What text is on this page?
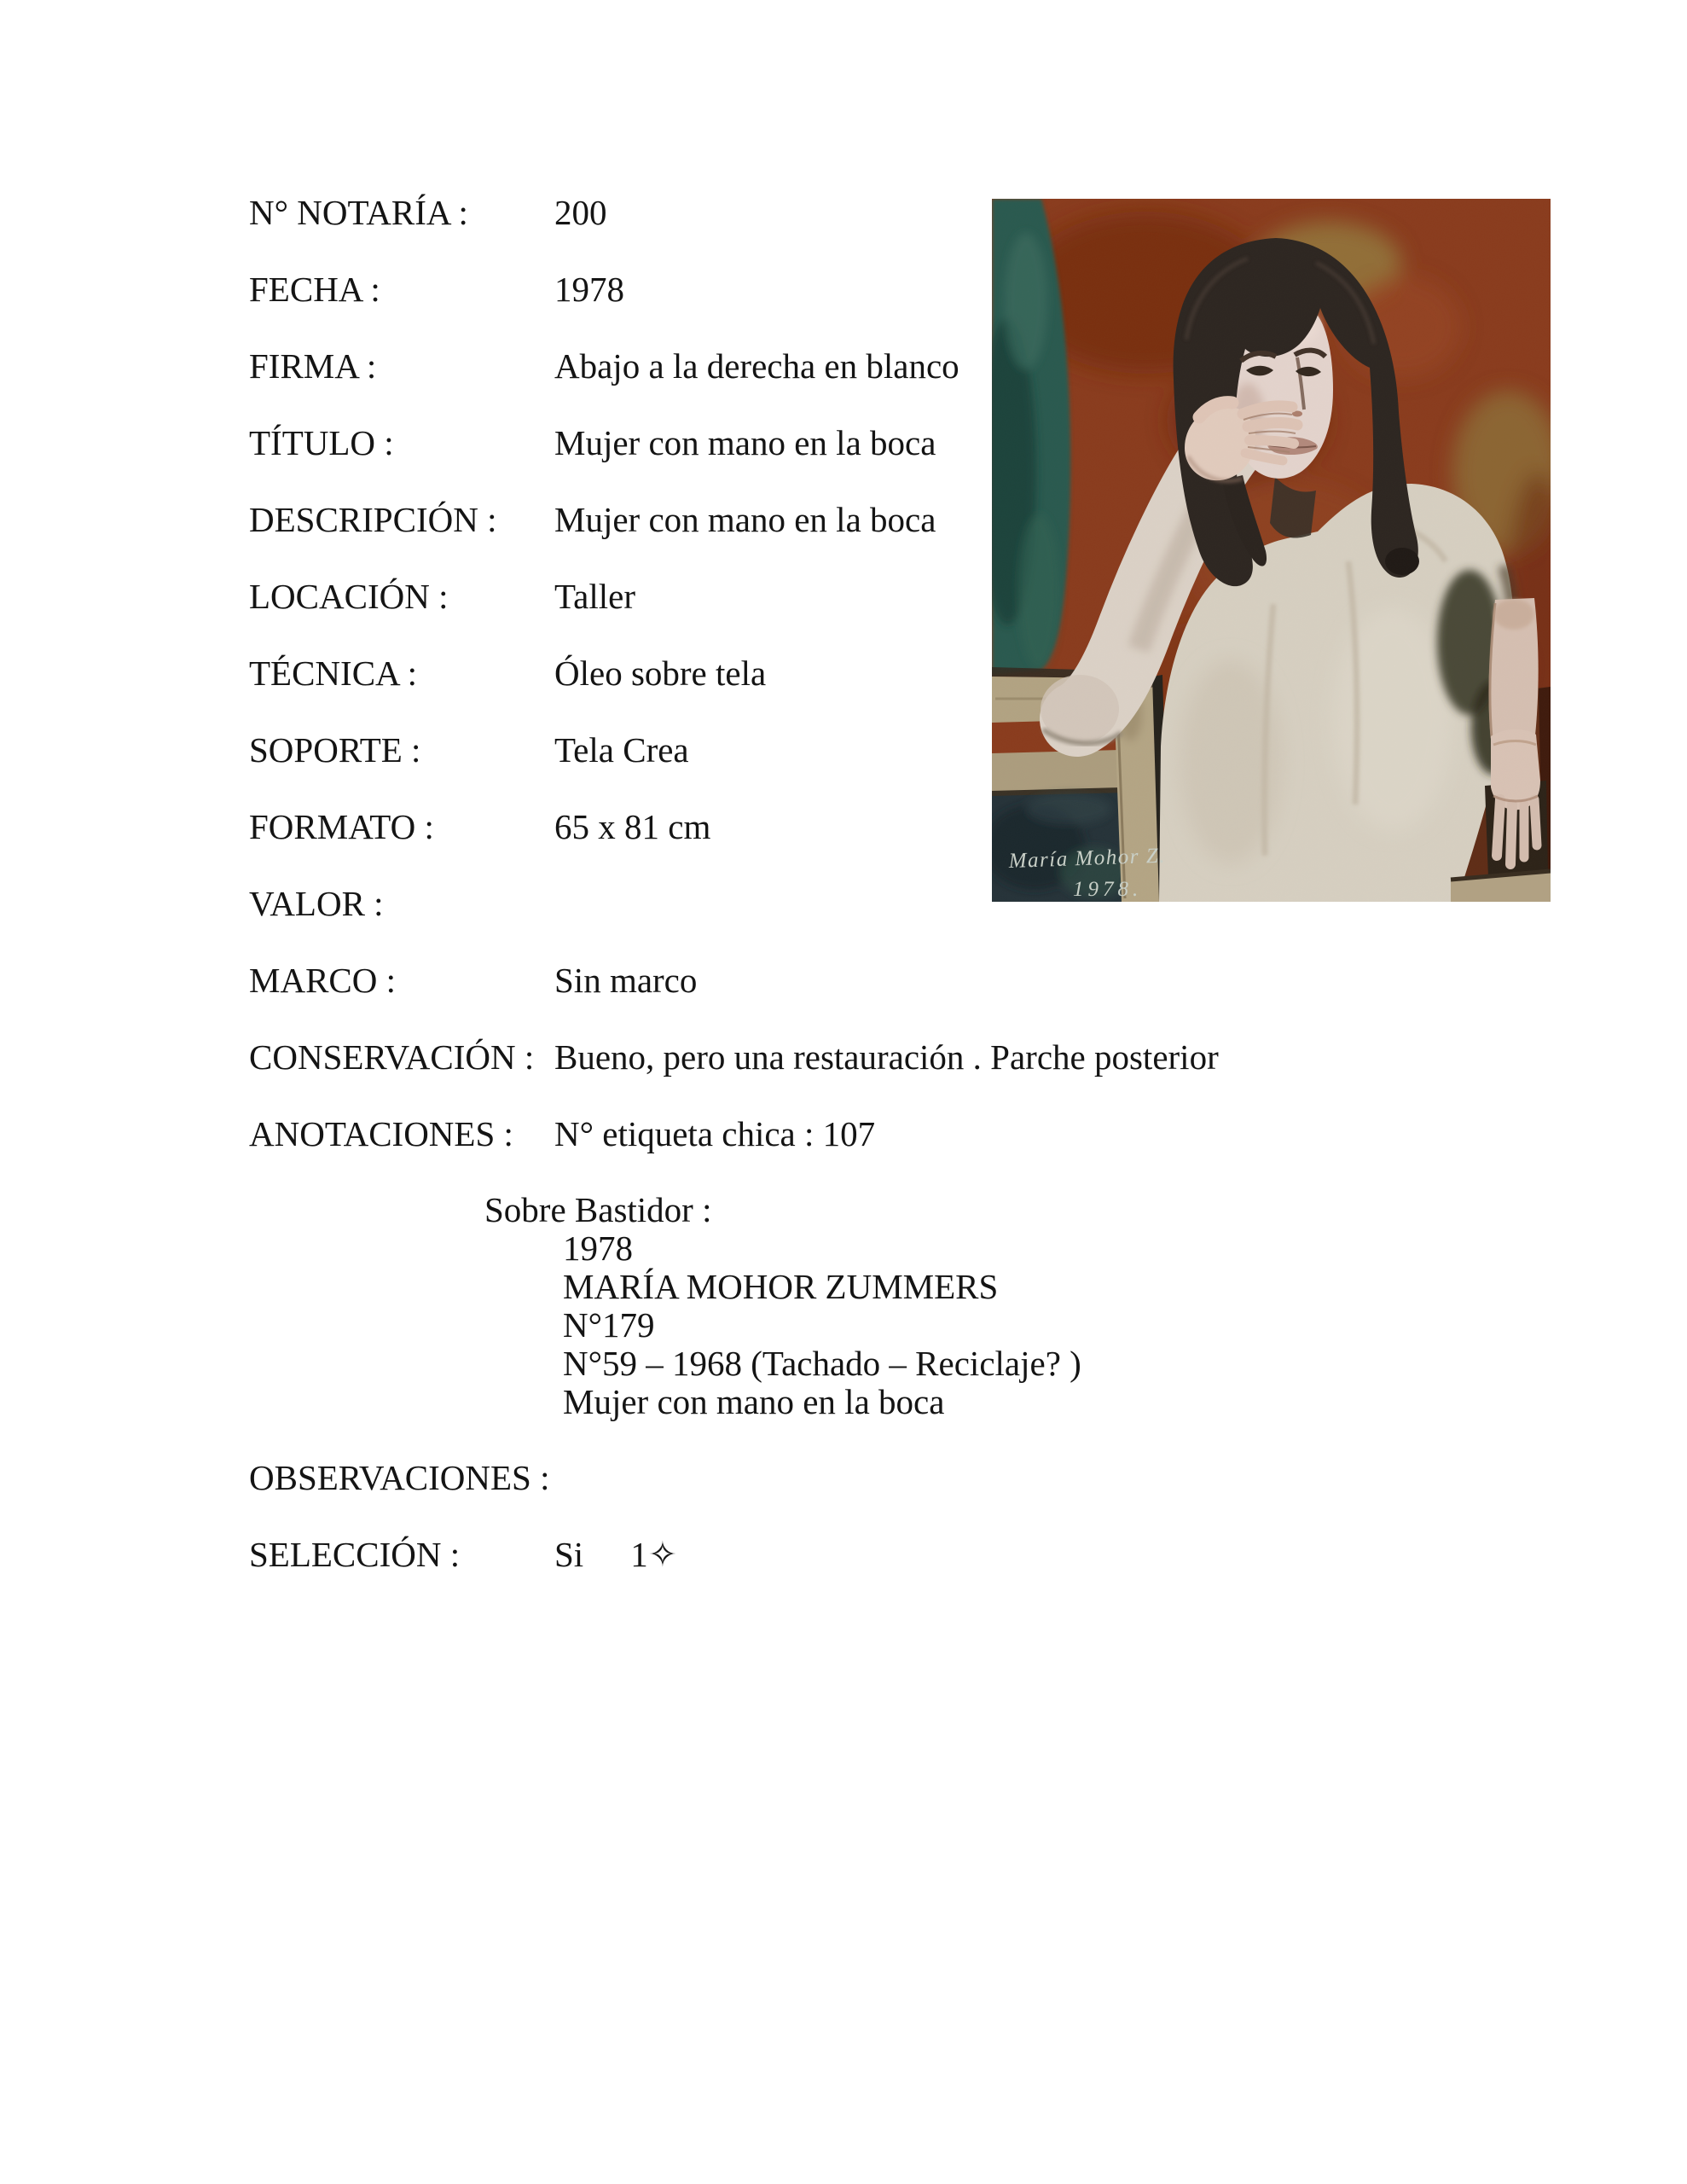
N° NOTARÍA :	200
FECHA :	1978
FIRMA :	Abajo a la derecha en blanco
TÍTULO :	Mujer con mano en la boca
DESCRIPCIÓN :	Mujer con mano en la boca
LOCACIÓN :	Taller
TÉCNICA :	Óleo sobre tela
SOPORTE :	Tela Crea
FORMATO :	65 x 81 cm
VALOR :
MARCO :	Sin marco
CONSERVACIÓN : Bueno, pero una restauración . Parche posterior
ANOTACIONES :	N° etiqueta chica : 107
Sobre Bastidor :
1978
MARÍA MOHOR ZUMMERS
N°179
N°59 – 1968 (Tachado – Reciclaje? )
Mujer con mano en la boca
OBSERVACIONES :
SELECCIÓN :	Si 1✧
